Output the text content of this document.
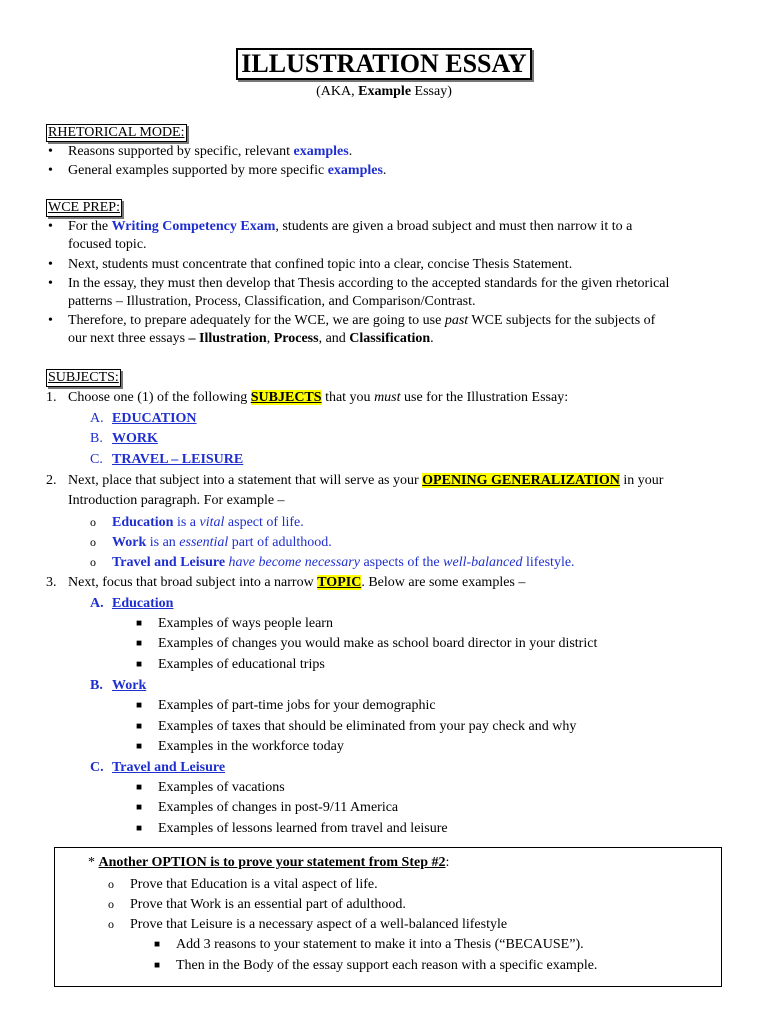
ILLUSTRATION ESSAY
(AKA, Example Essay)
RHETORICAL MODE:
• Reasons supported by specific, relevant examples.
• General examples supported by more specific examples.
WCE PREP:
• For the Writing Competency Exam, students are given a broad subject and must then narrow it to a
focused topic.
• Next, students must concentrate that confined topic into a clear, concise Thesis Statement.
• In the essay, they must then develop that Thesis according to the accepted standards for the given rhetorical
patterns – Illustration, Process, Classification, and Comparison/Contrast.
• Therefore, to prepare adequately for the WCE, we are going to use past WCE subjects for the subjects of
our next three essays – Illustration, Process, and Classification.
SUBJECTS:
1. Choose one (1) of the following SUBJECTS that you must use for the Illustration Essay:
A. EDUCATION
B. WORK
C. TRAVEL – LEISURE
2. Next, place that subject into a statement that will serve as your OPENING GENERALIZATION in your
Introduction paragraph. For example –
o Education is a vital aspect of life.
o Work is an essential part of adulthood.
o Travel and Leisure have become necessary aspects of the well-balanced lifestyle.
3. Next, focus that broad subject into a narrow TOPIC. Below are some examples –
A. Education
■ Examples of ways people learn
■ Examples of changes you would make as school board director in your district
■ Examples of educational trips
B. Work
■ Examples of part-time jobs for your demographic
■ Examples of taxes that should be eliminated from your pay check and why
■ Examples in the workforce today
C. Travel and Leisure
■ Examples of vacations
■ Examples of changes in post-9/11 America
■ Examples of lessons learned from travel and leisure
* Another OPTION is to prove your statement from Step #2:
o Prove that Education is a vital aspect of life.
o Prove that Work is an essential part of adulthood.
o Prove that Leisure is a necessary aspect of a well-balanced lifestyle
■ Add 3 reasons to your statement to make it into a Thesis (“BECAUSE”).
■ Then in the Body of the essay support each reason with a specific example.
